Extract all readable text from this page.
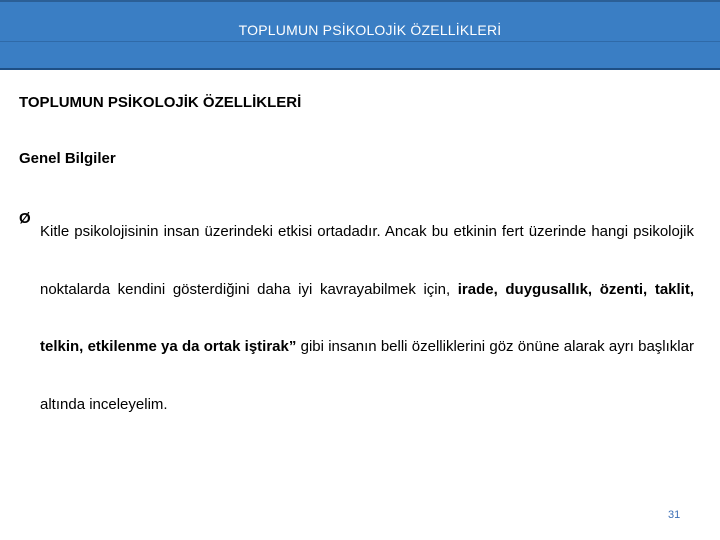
TOPLUMUN PSİKOLOJİK ÖZELLİKLERİ
TOPLUMUN PSİKOLOJİK ÖZELLİKLERİ
Genel Bilgiler
Ø
Kitle psikolojisinin insan üzerindeki etkisi ortadadır. Ancak bu etkinin fert üzerinde hangi psikolojik noktalarda kendini gösterdiğini daha iyi kavrayabilmek için, irade, duygusallık, özenti, taklit, telkin, etkilenme ya da ortak iştirak” gibi insanın belli özelliklerini göz önüne alarak ayrı başlıklar altında inceleyelim.
31
